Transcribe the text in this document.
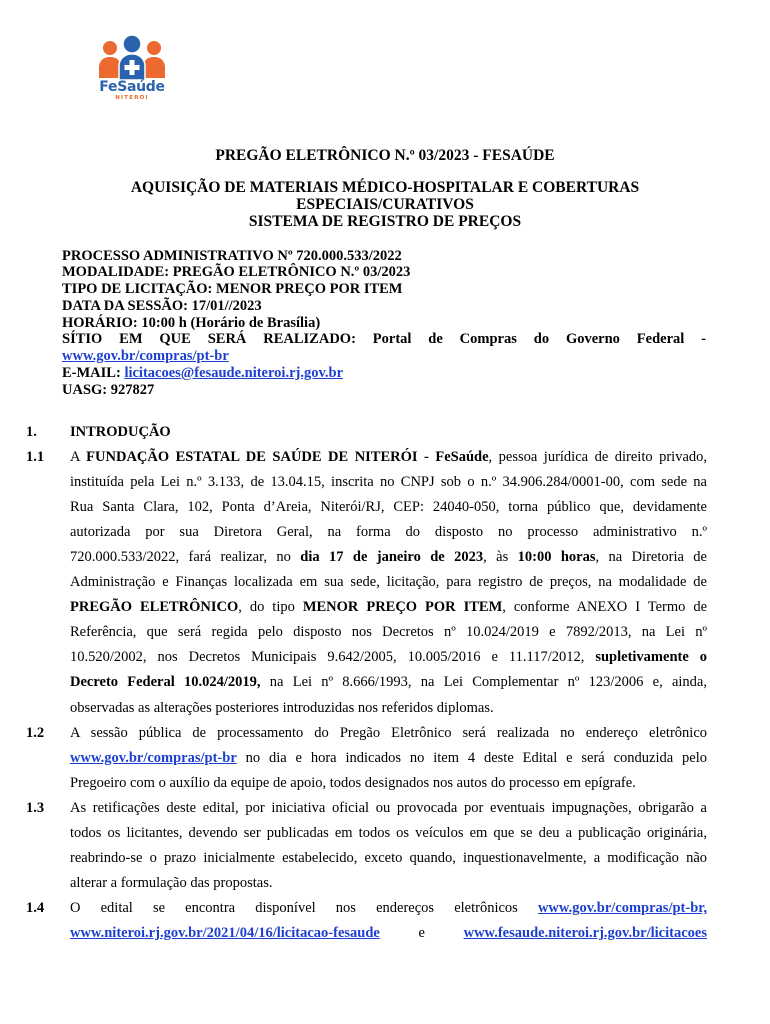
FeSaúde
NITERÓI
PREGÃO ELETRÔNICO N.º 03/2023 - FESAÚDE
AQUISIÇÃO DE MATERIAIS MÉDICO-HOSPITALAR E COBERTURAS
ESPECIAIS/CURATIVOS
SISTEMA DE REGISTRO DE PREÇOS
PROCESSO ADMINISTRATIVO Nº 720.000.533/2022
MODALIDADE: PREGÃO ELETRÔNICO N.º 03/2023
TIPO DE LICITAÇÃO: MENOR PREÇO POR ITEM
DATA DA SESSÃO: 17/01//2023
HORÁRIO: 10:00 h (Horário de Brasília)
SÍTIO EM QUE SERÁ REALIZADO: Portal de Compras do Governo Federal -
www.gov.br/compras/pt-br
E-MAIL: licitacoes@fesaude.niteroi.rj.gov.br
UASG: 927827
1. INTRODUÇÃO
1.1 A FUNDAÇÃO ESTATAL DE SAÚDE DE NITERÓI - FeSaúde, pessoa jurídica de direito privado,
instituída pela Lei n.º 3.133, de 13.04.15, inscrita no CNPJ sob o n.º 34.906.284/0001-00, com sede na
Rua Santa Clara, 102, Ponta d’Areia, Niterói/RJ, CEP: 24040-050, torna público que, devidamente
autorizada por sua Diretora Geral, na forma do disposto no processo administrativo n.º
720.000.533/2022, fará realizar, no dia 17 de janeiro de 2023, às 10:00 horas, na Diretoria de
Administração e Finanças localizada em sua sede, licitação, para registro de preços, na modalidade de
PREGÃO ELETRÔNICO, do tipo MENOR PREÇO POR ITEM, conforme ANEXO I Termo de
Referência, que será regida pelo disposto nos Decretos nº 10.024/2019 e 7892/2013, na Lei nº
10.520/2002, nos Decretos Municipais 9.642/2005, 10.005/2016 e 11.117/2012, supletivamente o
Decreto Federal 10.024/2019, na Lei nº 8.666/1993, na Lei Complementar nº 123/2006 e, ainda,
observadas as alterações posteriores introduzidas nos referidos diplomas.
1.2 A sessão pública de processamento do Pregão Eletrônico será realizada no endereço eletrônico
www.gov.br/compras/pt-br no dia e hora indicados no item 4 deste Edital e será conduzida pelo
Pregoeiro com o auxílio da equipe de apoio, todos designados nos autos do processo em epígrafe.
1.3 As retificações deste edital, por iniciativa oficial ou provocada por eventuais impugnações, obrigarão a
todos os licitantes, devendo ser publicadas em todos os veículos em que se deu a publicação originária,
reabrindo-se o prazo inicialmente estabelecido, exceto quando, inquestionavelmente, a modificação não
alterar a formulação das propostas.
1.4 O edital se encontra disponível nos endereços eletrônicos www.gov.br/compras/pt-br,
www.niteroi.rj.gov.br/2021/04/16/licitacao-fesaude e www.fesaude.niteroi.rj.gov.br/licitacoes
